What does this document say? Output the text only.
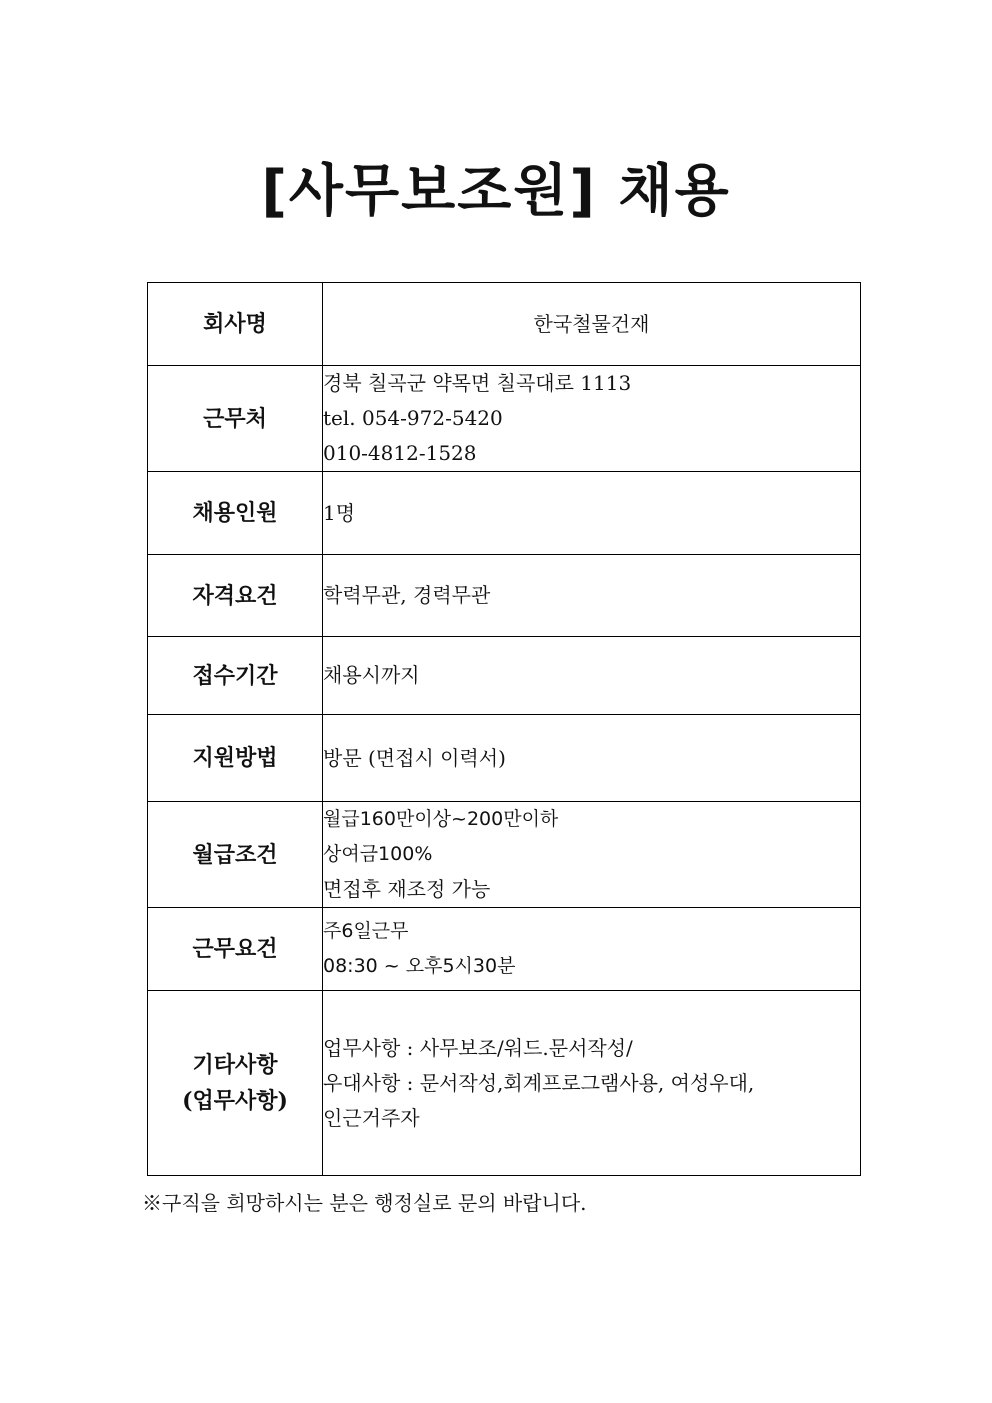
[사무보조원] 채용
회사명	한국철물건재
근무처	경북 칠곡군 약목면 칠곡대로 1113
tel. 054-972-5420
010-4812-1528

채용인원	1명
자격요건	학력무관, 경력무관
접수기간	채용시까지
지원방법	방문 (면접시 이력서)
월급조건	월급160만이상~200만이하
상여금100%
면접후 재조정 가능

근무요건	주6일근무
08:30 ~ 오후5시30분

기타사항
(업무사항)	업무사항 : 사무보조/워드.문서작성/
우대사항 : 문서작성,회계프로그램사용, 여성우대,
인근거주자
※구직을 희망하시는 분은 행정실로 문의 바랍니다.
